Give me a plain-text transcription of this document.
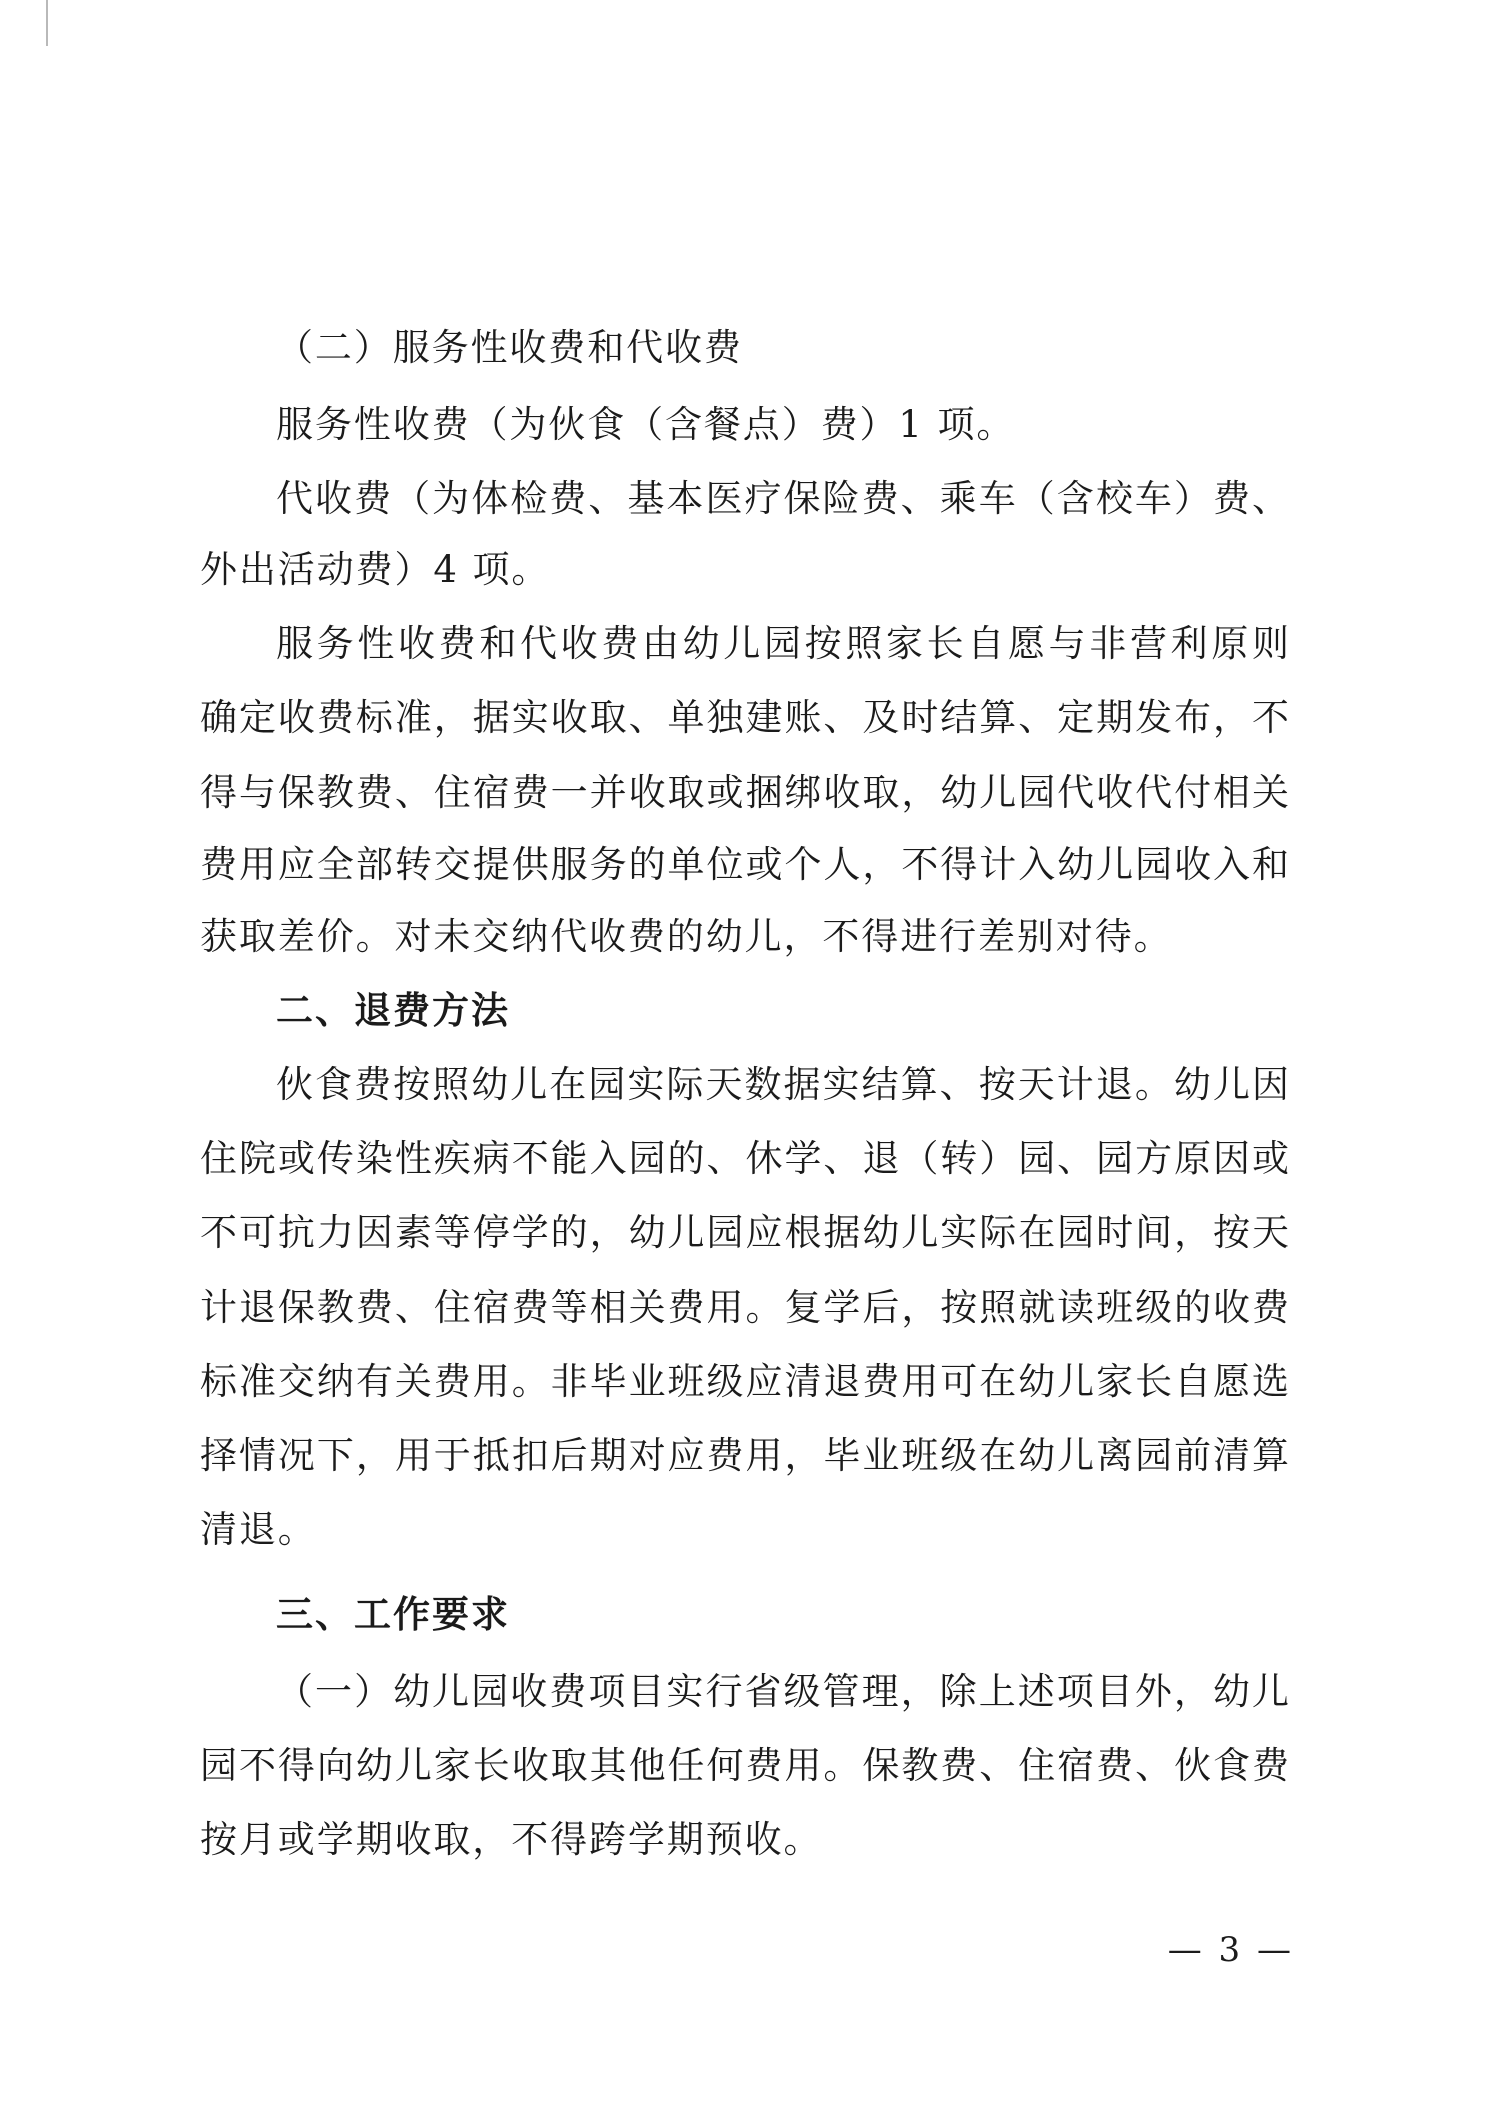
（二）服务性收费和代收费
服务性收费（为伙食（含餐点）费）1 项。
代收费（为体检费、基本医疗保险费、乘车（含校车）费、
外出活动费）4 项。
服务性收费和代收费由幼儿园按照家长自愿与非营利原则
确定收费标准，据实收取、单独建账、及时结算、定期发布，不
得与保教费、住宿费一并收取或捆绑收取，幼儿园代收代付相关
费用应全部转交提供服务的单位或个人，不得计入幼儿园收入和
获取差价。对未交纳代收费的幼儿，不得进行差别对待。
二、退费方法
伙食费按照幼儿在园实际天数据实结算、按天计退。幼儿因
住院或传染性疾病不能入园的、休学、退（转）园、园方原因或
不可抗力因素等停学的，幼儿园应根据幼儿实际在园时间，按天
计退保教费、住宿费等相关费用。复学后，按照就读班级的收费
标准交纳有关费用。非毕业班级应清退费用可在幼儿家长自愿选
择情况下，用于抵扣后期对应费用，毕业班级在幼儿离园前清算
清退。
三、工作要求
（一）幼儿园收费项目实行省级管理，除上述项目外，幼儿
园不得向幼儿家长收取其他任何费用。保教费、住宿费、伙食费
按月或学期收取，不得跨学期预收。
— 3 —
